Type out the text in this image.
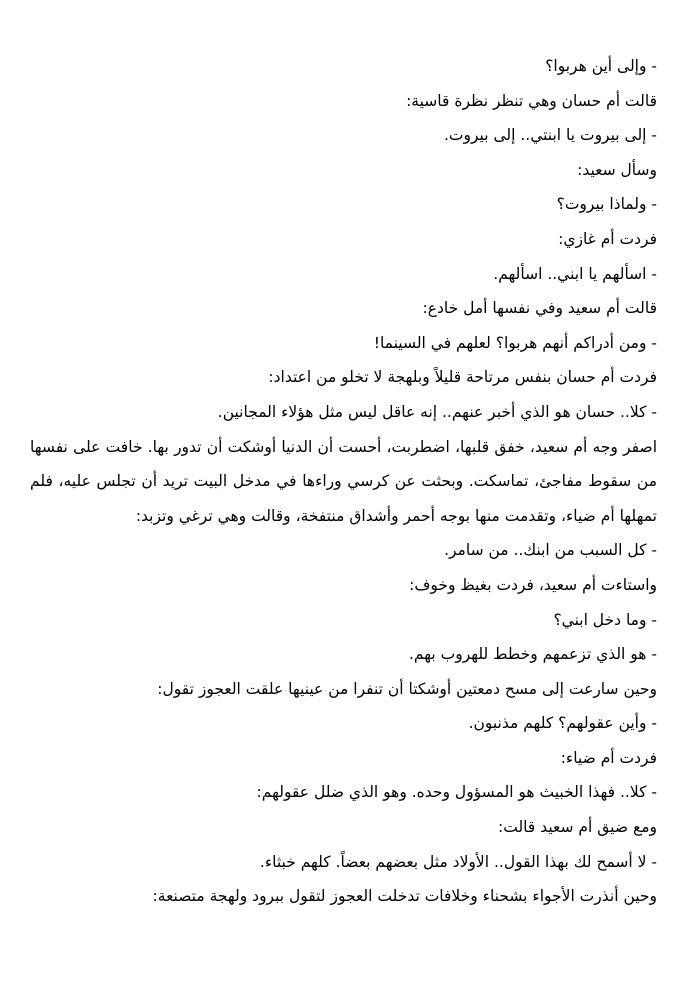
- وإلى أين هربوا؟

قالت أم حسان وهي تنظر نظرة قاسية:

- إلى بيروت يا ابنتي.. إلى بيروت.

وسأل سعيد:

- ولماذا بيروت؟

فردت أم غازي:

- اسألهم يا ابني.. اسألهم.

قالت أم سعيد وفي نفسها أمل خادع:

- ومن أدراكم أنهم هربوا؟ لعلهم في السينما!

فردت أم حسان بنفس مرتاحة قليلاً وبلهجة لا تخلو من اعتداد:

- كلا.. حسان هو الذي أخبر عنهم.. إنه عاقل ليس مثل هؤلاء المجانين.

اصفر وجه أم سعيد، خفق قلبها، اضطربت، أحست أن الدنيا أوشكت أن تدور بها. خافت على نفسها من سقوط مفاجئ، تماسكت. وبحثت عن كرسي وراءها في مدخل البيت تريد أن تجلس عليه، فلم تمهلها أم ضياء، وتقدمت منها بوجه أحمر وأشداق منتفخة، وقالت وهي ترغي وتزبد:

- كل السبب من ابنك.. من سامر.

واستاءت أم سعيد، فردت بغيظ وخوف:

- وما دخل ابني؟

- هو الذي تزعمهم وخطط للهروب بهم.

وحين سارعت إلى مسح دمعتين أوشكتا أن تنفرا من عينيها علقت العجوز تقول:

- وأين عقولهم؟ كلهم مذنبون.

فردت أم ضياء:

- كلا.. فهذا الخبيث هو المسؤول وحده. وهو الذي ضلل عقولهم:

ومع ضيق أم سعيد قالت:

- لا أسمح لك بهذا القول.. الأولاد مثل بعضهم بعضاً. كلهم خبثاء.

وحين أنذرت الأجواء بشحناء وخلافات تدخلت العجوز لتقول ببرود ولهجة متصنعة:
